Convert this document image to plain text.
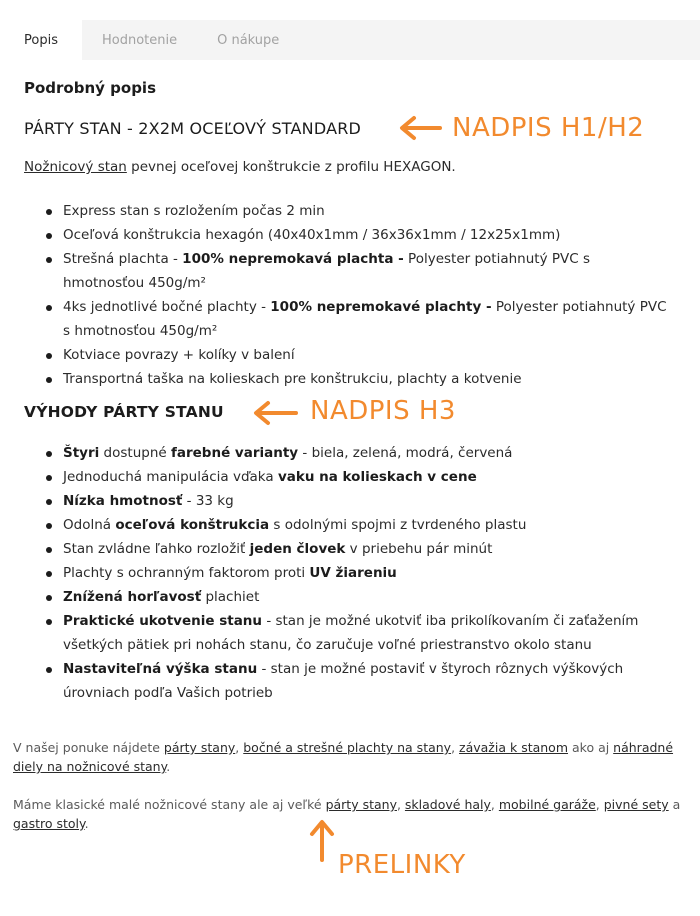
Popis	Hodnotenie	O nákupe
Podrobný popis
PÁRTY STAN - 2X2M OCEĽOVÝ STANDARD

Nožnicový stan pevnej oceľovej konštrukcie z profilu HEXAGON.

Express stan s rozložením počas 2 min
Oceľová konštrukcia hexagón (40x40x1mm / 36x36x1mm / 12x25x1mm)
Strešná plachta - 100% nepremokavá plachta - Polyester potiahnutý PVC s hmotnosťou 450g/m²
4ks jednotlivé bočné plachty - 100% nepremokavé plachty - Polyester potiahnutý PVC s hmotnosťou 450g/m²
Kotviace povrazy + kolíky v balení
Transportná taška na kolieskach pre konštrukciu, plachty a kotvenie
VÝHODY PÁRTY STANU
Štyri dostupné farebné varianty - biela, zelená, modrá, červená
Jednoduchá manipulácia vďaka vaku na kolieskach v cene
Nízka hmotnosť - 33 kg
Odolná oceľová konštrukcia s odolnými spojmi z tvrdeného plastu
Stan zvládne ľahko rozložiť jeden človek v priebehu pár minút
Plachty s ochranným faktorom proti UV žiareniu
Znížená horľavosť plachiet
Praktické ukotvenie stanu - stan je možné ukotviť iba prikolíkovaním či zaťažením všetkých pätiek pri nohách stanu, čo zaručuje voľné priestranstvo okolo stanu
Nastaviteľná výška stanu - stan je možné postaviť v štyroch rôznych výškových úrovniach podľa Vašich potrieb

V našej ponuke nájdete párty stany, bočné a strešné plachty na stany, závažia k stanom ako aj náhradné diely na nožnicové stany.

Máme klasické malé nožnicové stany ale aj veľké párty stany, skladové haly, mobilné garáže, pivné sety a gastro stoly.

NADPIS H1/H2
NADPIS H3
PRELINKY
